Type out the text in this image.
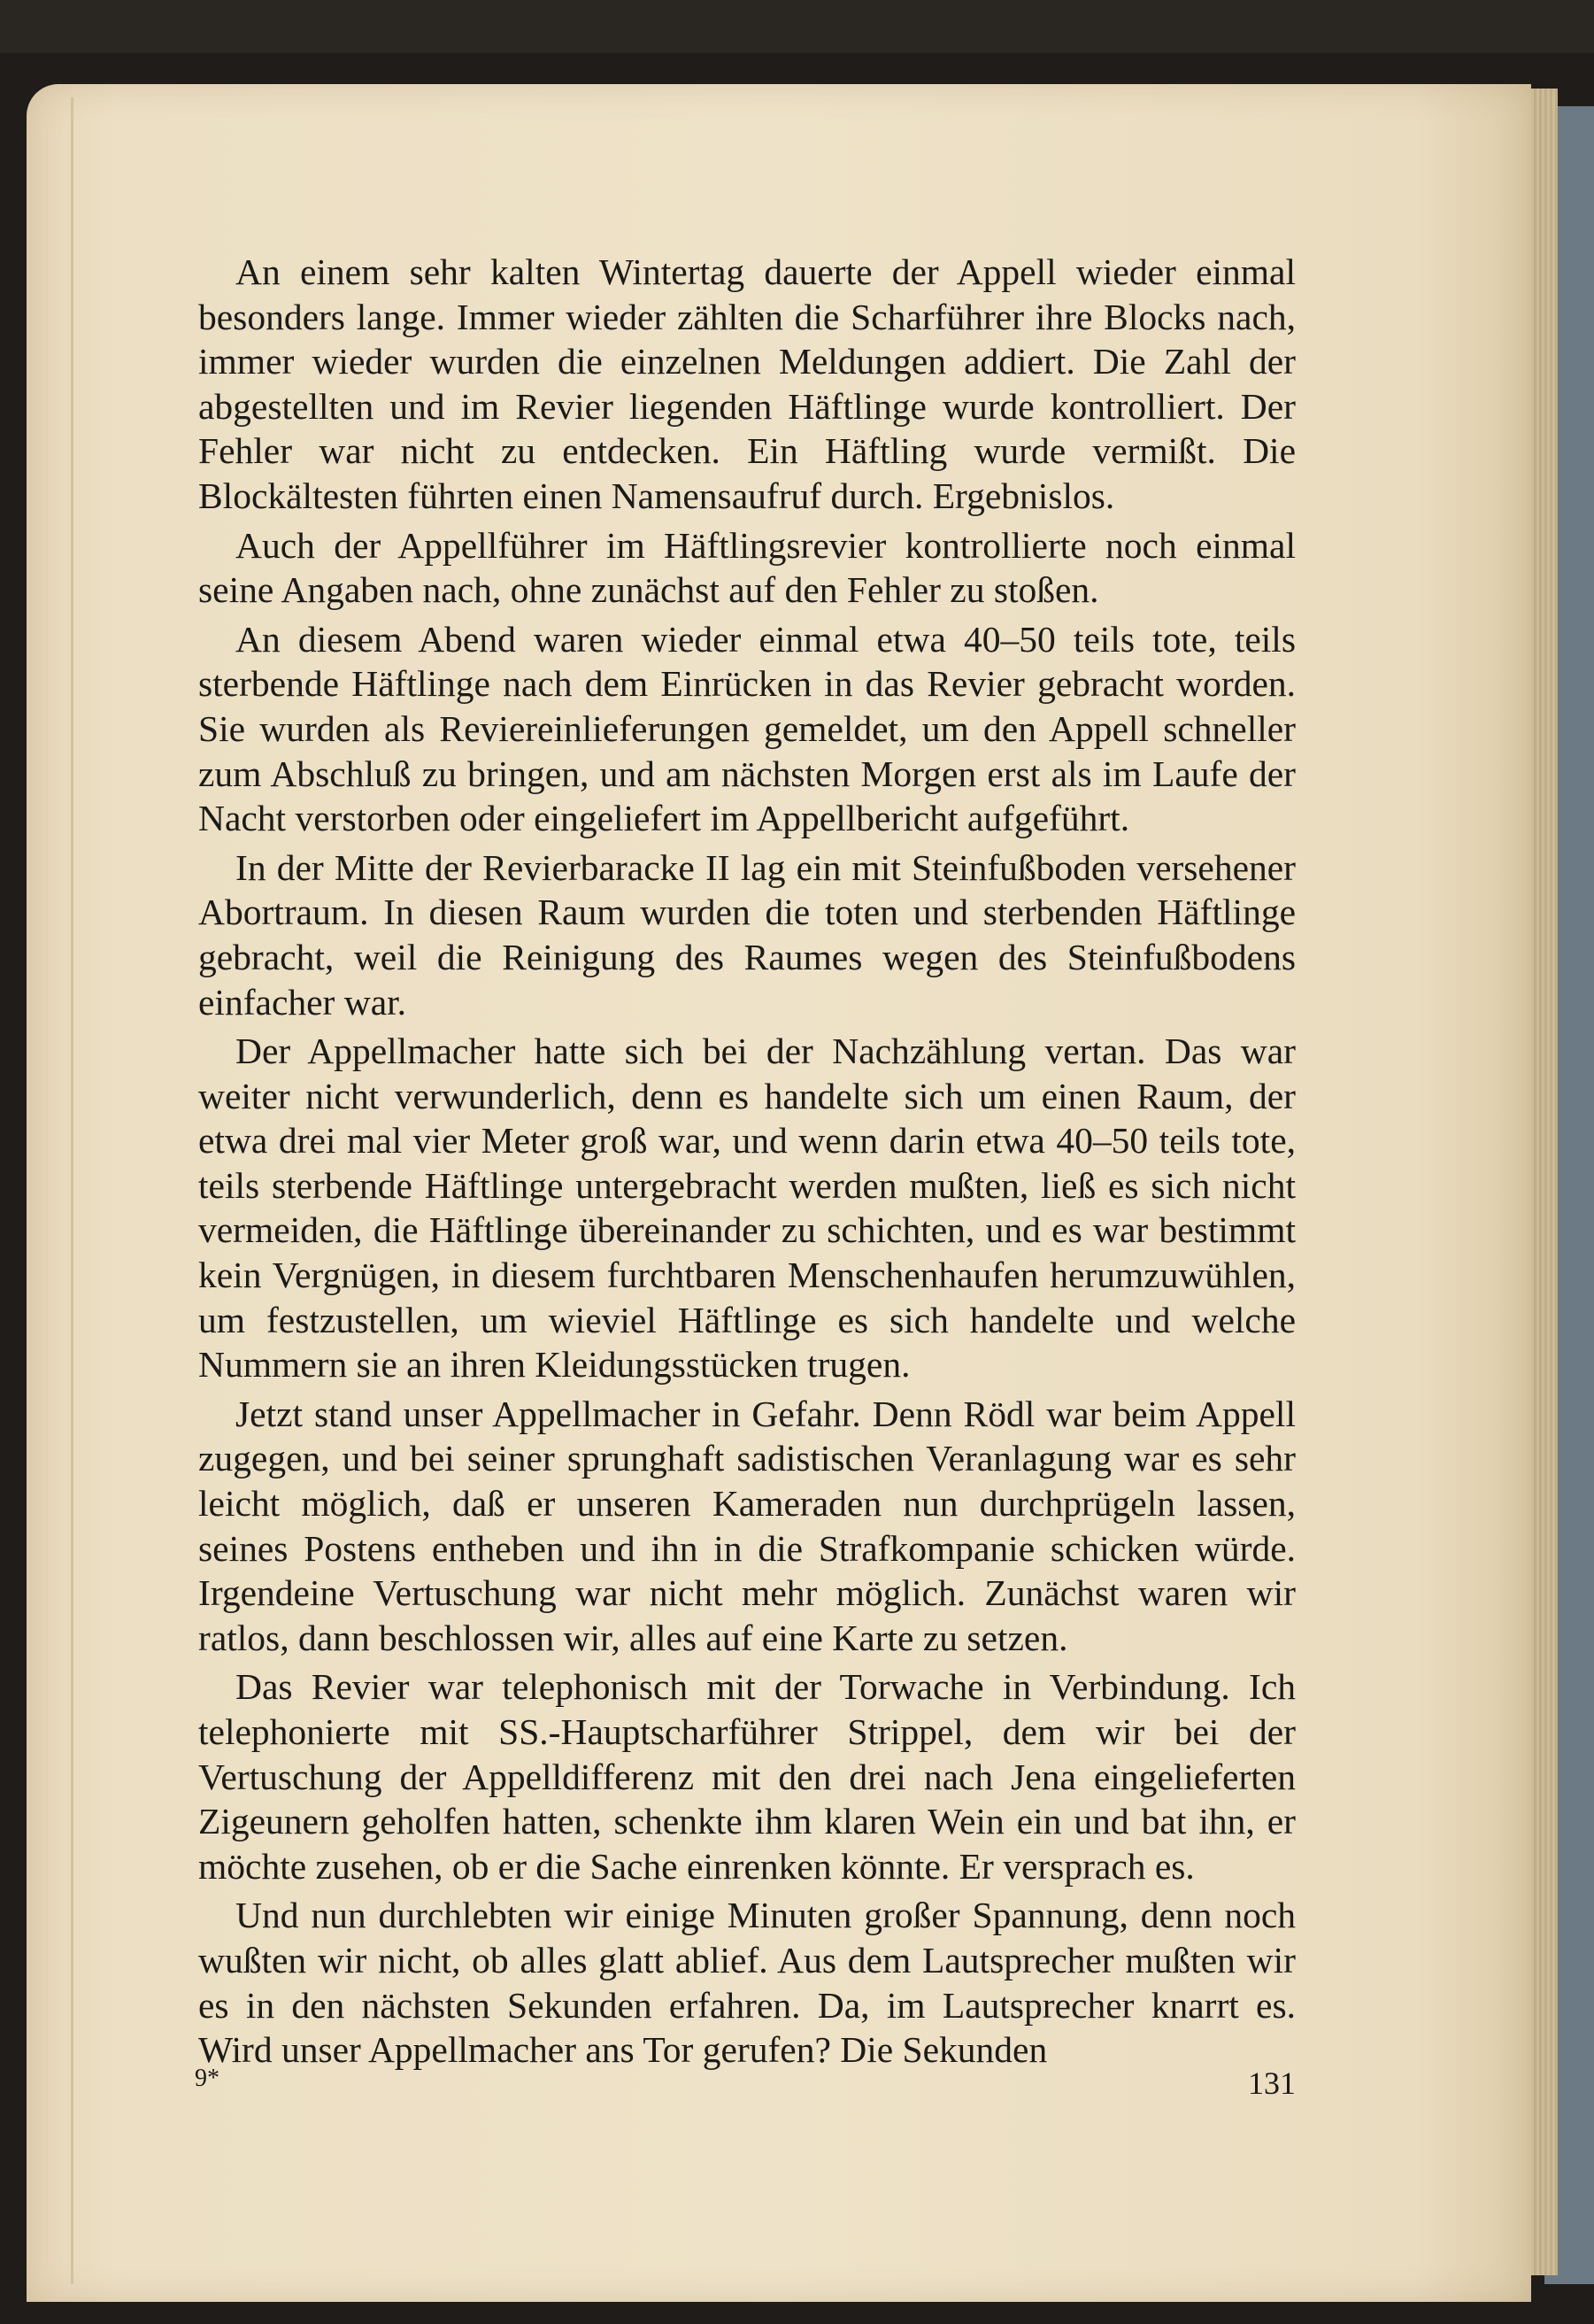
An einem sehr kalten Wintertag dauerte der Appell wieder einmal besonders lange. Immer wieder zählten die Scharführer ihre Blocks nach, immer wieder wurden die einzelnen Meldungen addiert. Die Zahl der abgestellten und im Revier liegenden Häftlinge wurde kontrolliert. Der Fehler war nicht zu entdecken. Ein Häftling wurde vermißt. Die Blockältesten führten einen Namensaufruf durch. Ergebnislos.

Auch der Appellführer im Häftlingsrevier kontrollierte noch einmal seine Angaben nach, ohne zunächst auf den Fehler zu stoßen.

An diesem Abend waren wieder einmal etwa 40–50 teils tote, teils sterbende Häftlinge nach dem Einrücken in das Revier gebracht worden. Sie wurden als Reviereinlieferungen gemeldet, um den Appell schneller zum Abschluß zu bringen, und am nächsten Morgen erst als im Laufe der Nacht verstorben oder eingeliefert im Appellbericht aufgeführt.

In der Mitte der Revierbaracke II lag ein mit Steinfußboden versehener Abortraum. In diesen Raum wurden die toten und sterbenden Häftlinge gebracht, weil die Reinigung des Raumes wegen des Steinfußbodens einfacher war.

Der Appellmacher hatte sich bei der Nachzählung vertan. Das war weiter nicht verwunderlich, denn es handelte sich um einen Raum, der etwa drei mal vier Meter groß war, und wenn darin etwa 40–50 teils tote, teils sterbende Häftlinge untergebracht werden mußten, ließ es sich nicht vermeiden, die Häftlinge übereinander zu schichten, und es war bestimmt kein Vergnügen, in diesem furchtbaren Menschenhaufen herumzuwühlen, um festzustellen, um wieviel Häftlinge es sich handelte und welche Nummern sie an ihren Kleidungsstücken trugen.

Jetzt stand unser Appellmacher in Gefahr. Denn Rödl war beim Appell zugegen, und bei seiner sprunghaft sadistischen Veranlagung war es sehr leicht möglich, daß er unseren Kameraden nun durchprügeln lassen, seines Postens entheben und ihn in die Strafkompanie schicken würde. Irgendeine Vertuschung war nicht mehr möglich. Zunächst waren wir ratlos, dann beschlossen wir, alles auf eine Karte zu setzen.

Das Revier war telephonisch mit der Torwache in Verbindung. Ich telephonierte mit SS.-Hauptscharführer Strippel, dem wir bei der Vertuschung der Appelldifferenz mit den drei nach Jena eingelieferten Zigeunern geholfen hatten, schenkte ihm klaren Wein ein und bat ihn, er möchte zusehen, ob er die Sache einrenken könnte. Er versprach es.

Und nun durchlebten wir einige Minuten großer Spannung, denn noch wußten wir nicht, ob alles glatt ablief. Aus dem Lautsprecher mußten wir es in den nächsten Sekunden erfahren. Da, im Lautsprecher knarrt es. Wird unser Appellmacher ans Tor gerufen? Die Sekunden

9*	131
